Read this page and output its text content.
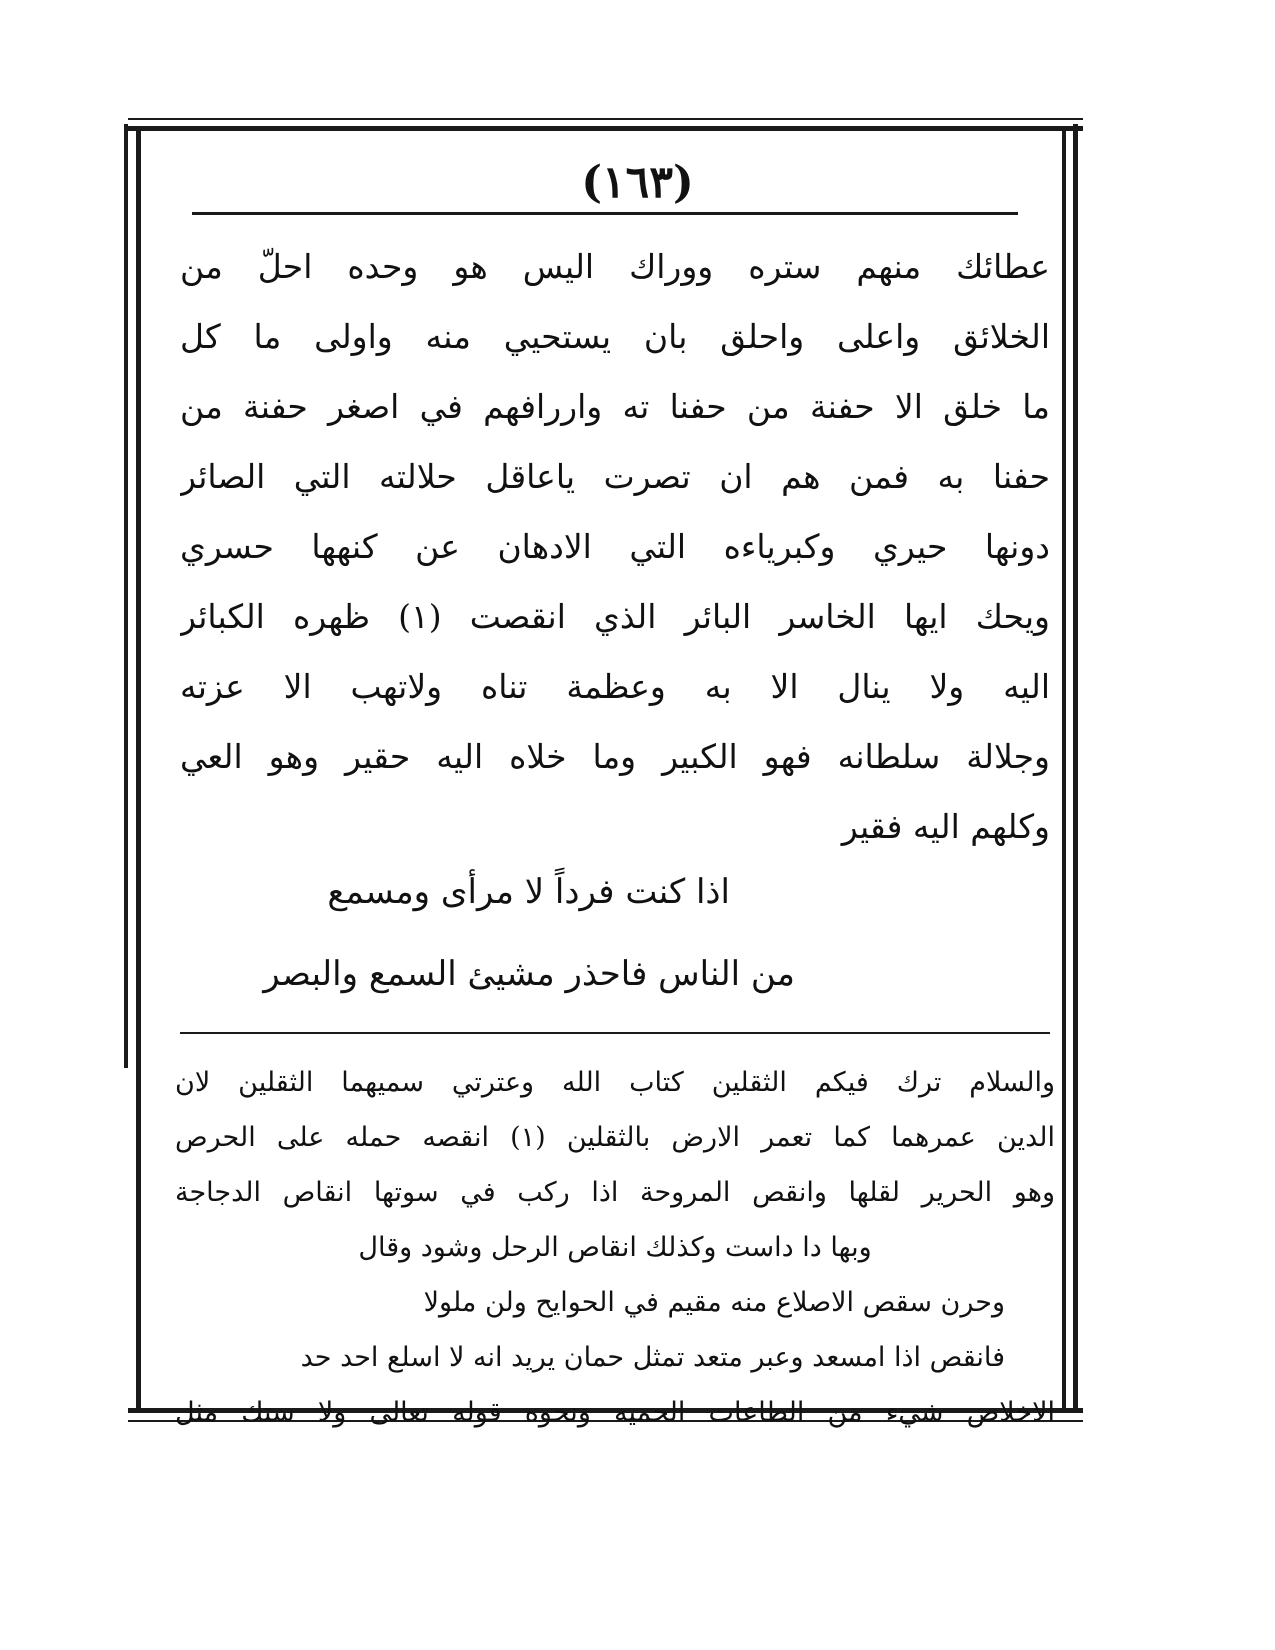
(١٦٣)
عطائك منهم ستره ووراك اليس هو وحده احلّ من
الخلائق واعلى واحلق بان يستحيي منه واولى ما كل
ما خلق الا حفنة من حفنا ته واررافهم في اصغر حفنة من
حفنا به فمن هم ان تصرت ياعاقل حلالته التي الصائر
دونها حيري وكبرياءه التي الادهان عن كنهها حسري
ويحك ايها الخاسر البائر الذي انقصت (١) ظهره الكبائر
اليه ولا ينال الا به وعظمة تناه ولاتهب الا عزته
وجلالة سلطانه فهو الكبير وما خلاه اليه حقير وهو العي
وكلهم اليه فقير
اذا كنت فرداً لا مرأى ومسمع
من الناس فاحذر مشيئ السمع والبصر
والسلام ترك فيكم الثقلين كتاب الله وعترتي سميهما الثقلين لان
الدين عمرهما كما تعمر الارض بالثقلين (١) انقصه حمله على الحرص
وهو الحرير لقلها وانقص المروحة اذا ركب في سوتها انقاص الدجاجة
وبها دا داست وكذلك انقاص الرحل وشود وقال
وحرن سقص الاصلاع منه مقيم في الحوايح ولن ملولا
فانقص اذا امسعد وعبر متعد تمثل حمان يريد انه لا اسلع احد حد
الاخلاص شيء من الطاعات الحميه ونحوه قوله تعالى ولا ستك مثل
